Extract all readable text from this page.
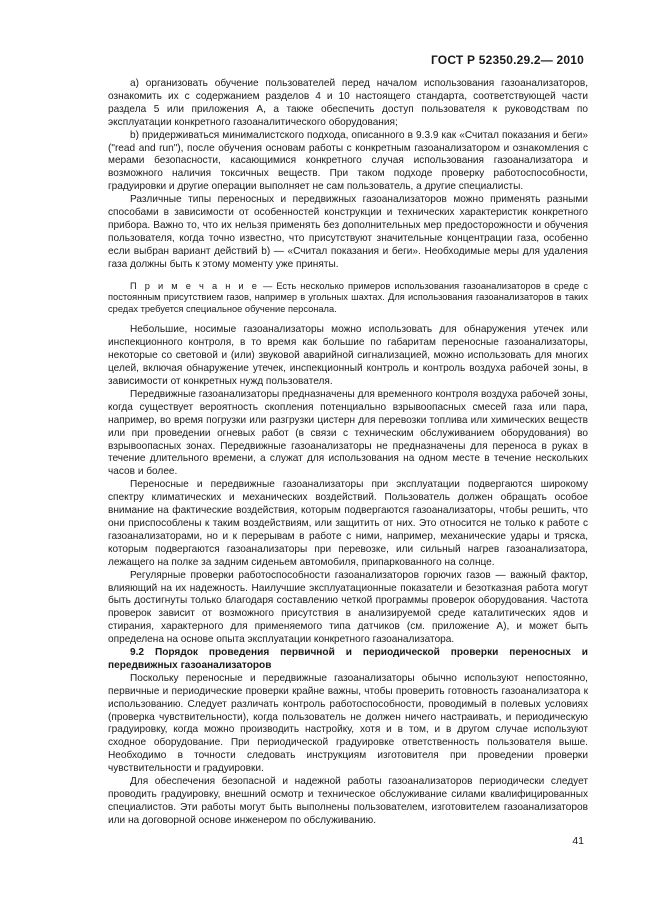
ГОСТ Р 52350.29.2— 2010

а) организовать обучение пользователей перед началом использования газоанализаторов, ознакомить их с содержанием разделов 4 и 10 настоящего стандарта, соответствующей части раздела 5 или приложения А, а также обеспечить доступ пользователя к руководствам по эксплуатации конкретного газоаналитического оборудования;

b) придерживаться минималистского подхода, описанного в 9.3.9 как «Считал показания и беги» ("read and run"), после обучения основам работы с конкретным газоанализатором и ознакомления с мерами безопасности, касающимися конкретного случая использования газоанализатора и возможного наличия токсичных веществ. При таком подходе проверку работоспособности, градуировки и другие операции выполняет не сам пользователь, а другие специалисты.

Различные типы переносных и передвижных газоанализаторов можно применять разными способами в зависимости от особенностей конструкции и технических характеристик конкретного прибора. Важно то, что их нельзя применять без дополнительных мер предосторожности и обучения пользователя, когда точно известно, что присутствуют значительные концентрации газа, особенно если выбран вариант действий b) — «Считал показания и беги». Необходимые меры для удаления газа должны быть к этому моменту уже приняты.

П р и м е ч а н и е — Есть несколько примеров использования газоанализаторов в среде с постоянным присутствием газов, например в угольных шахтах. Для использования газоанализаторов в таких средах требуется специальное обучение персонала.

Небольшие, носимые газоанализаторы можно использовать для обнаружения утечек или инспекционного контроля, в то время как большие по габаритам переносные газоанализаторы, некоторые со световой и (или) звуковой аварийной сигнализацией, можно использовать для многих целей, включая обнаружение утечек, инспекционный контроль и контроль воздуха рабочей зоны, в зависимости от конкретных нужд пользователя.

Передвижные газоанализаторы предназначены для временного контроля воздуха рабочей зоны, когда существует вероятность скопления потенциально взрывоопасных смесей газа или пара, например, во время погрузки или разгрузки цистерн для перевозки топлива или химических веществ или при проведении огневых работ (в связи с техническим обслуживанием оборудования) во взрывоопасных зонах. Передвижные газоанализаторы не предназначены для переноса в руках в течение длительного времени, а служат для использования на одном месте в течение нескольких часов и более.

Переносные и передвижные газоанализаторы при эксплуатации подвергаются широкому спектру климатических и механических воздействий. Пользователь должен обращать особое внимание на фактические воздействия, которым подвергаются газоанализаторы, чтобы решить, что они приспособлены к таким воздействиям, или защитить от них. Это относится не только к работе с газоанализаторами, но и к перерывам в работе с ними, например, механические удары и тряска, которым подвергаются газоанализаторы при перевозке, или сильный нагрев газоанализатора, лежащего на полке за задним сиденьем автомобиля, припаркованного на солнце.

Регулярные проверки работоспособности газоанализаторов горючих газов — важный фактор, влияющий на их надежность. Наилучшие эксплуатационные показатели и безотказная работа могут быть достигнуты только благодаря составлению четкой программы проверок оборудования. Частота проверок зависит от возможного присутствия в анализируемой среде каталитических ядов и стирания, характерного для применяемого типа датчиков (см. приложение А), и может быть определена на основе опыта эксплуатации конкретного газоанализатора.

9.2 Порядок проведения первичной и периодической проверки переносных и передвижных газоанализаторов

Поскольку переносные и передвижные газоанализаторы обычно используют непостоянно, первичные и периодические проверки крайне важны, чтобы проверить готовность газоанализатора к использованию. Следует различать контроль работоспособности, проводимый в полевых условиях (проверка чувствительности), когда пользователь не должен ничего настраивать, и периодическую градуировку, когда можно производить настройку, хотя и в том, и в другом случае используют сходное оборудование. При периодической градуировке ответственность пользователя выше. Необходимо в точности следовать инструкциям изготовителя при проведении проверки чувствительности и градуировки.

Для обеспечения безопасной и надежной работы газоанализаторов периодически следует проводить градуировку, внешний осмотр и техническое обслуживание силами квалифицированных специалистов. Эти работы могут быть выполнены пользователем, изготовителем газоанализаторов или на договорной основе инженером по обслуживанию.

41
